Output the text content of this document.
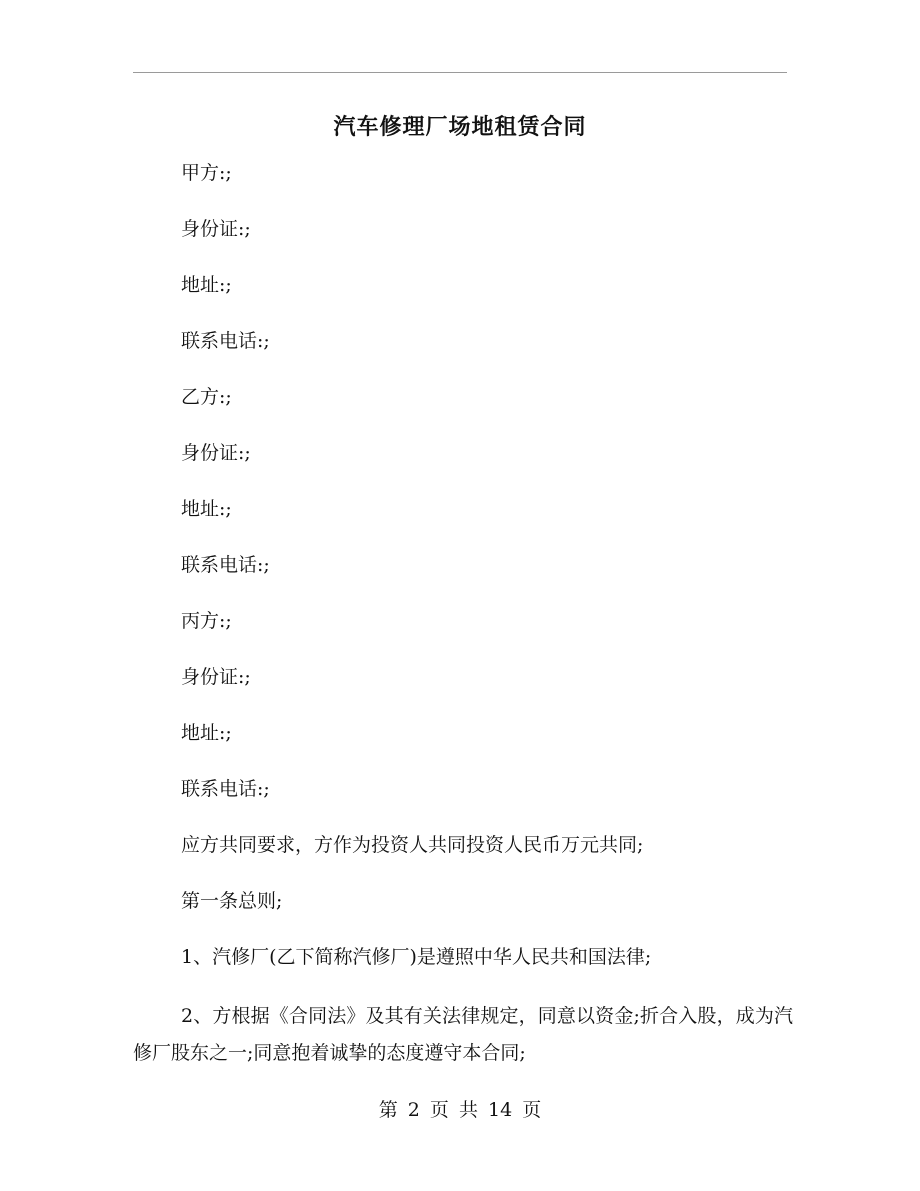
汽车修理厂场地租赁合同

甲方:;

身份证:;

地址:;

联系电话:;

乙方:;

身份证:;

地址:;

联系电话:;

丙方:;

身份证:;

地址:;

联系电话:;

应方共同要求，方作为投资人共同投资人民币万元共同;

第一条总则;

1、汽修厂(乙下简称汽修厂)是遵照中华人民共和国法律;

2、方根据《合同法》及其有关法律规定，同意以资金;折合入股，成为汽修厂股东之一;同意抱着诚挚的态度遵守本合同;

第 2 页 共 14 页
